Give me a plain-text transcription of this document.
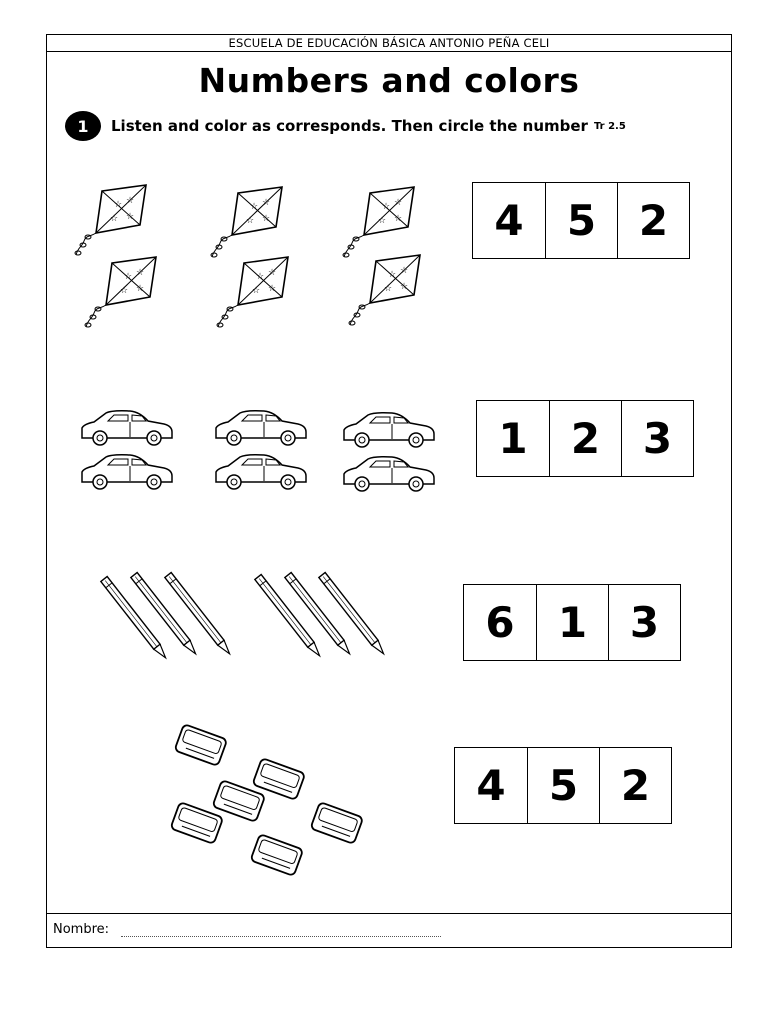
ESCUELA DE EDUCACIÓN BÁSICA ANTONIO PEÑA CELI
Numbers and colors
1	Listen and color as corresponds. Then circle the number Tr 2.5
Nombre:
4	5	2
1	2	3
6	1	3
4	5	2
